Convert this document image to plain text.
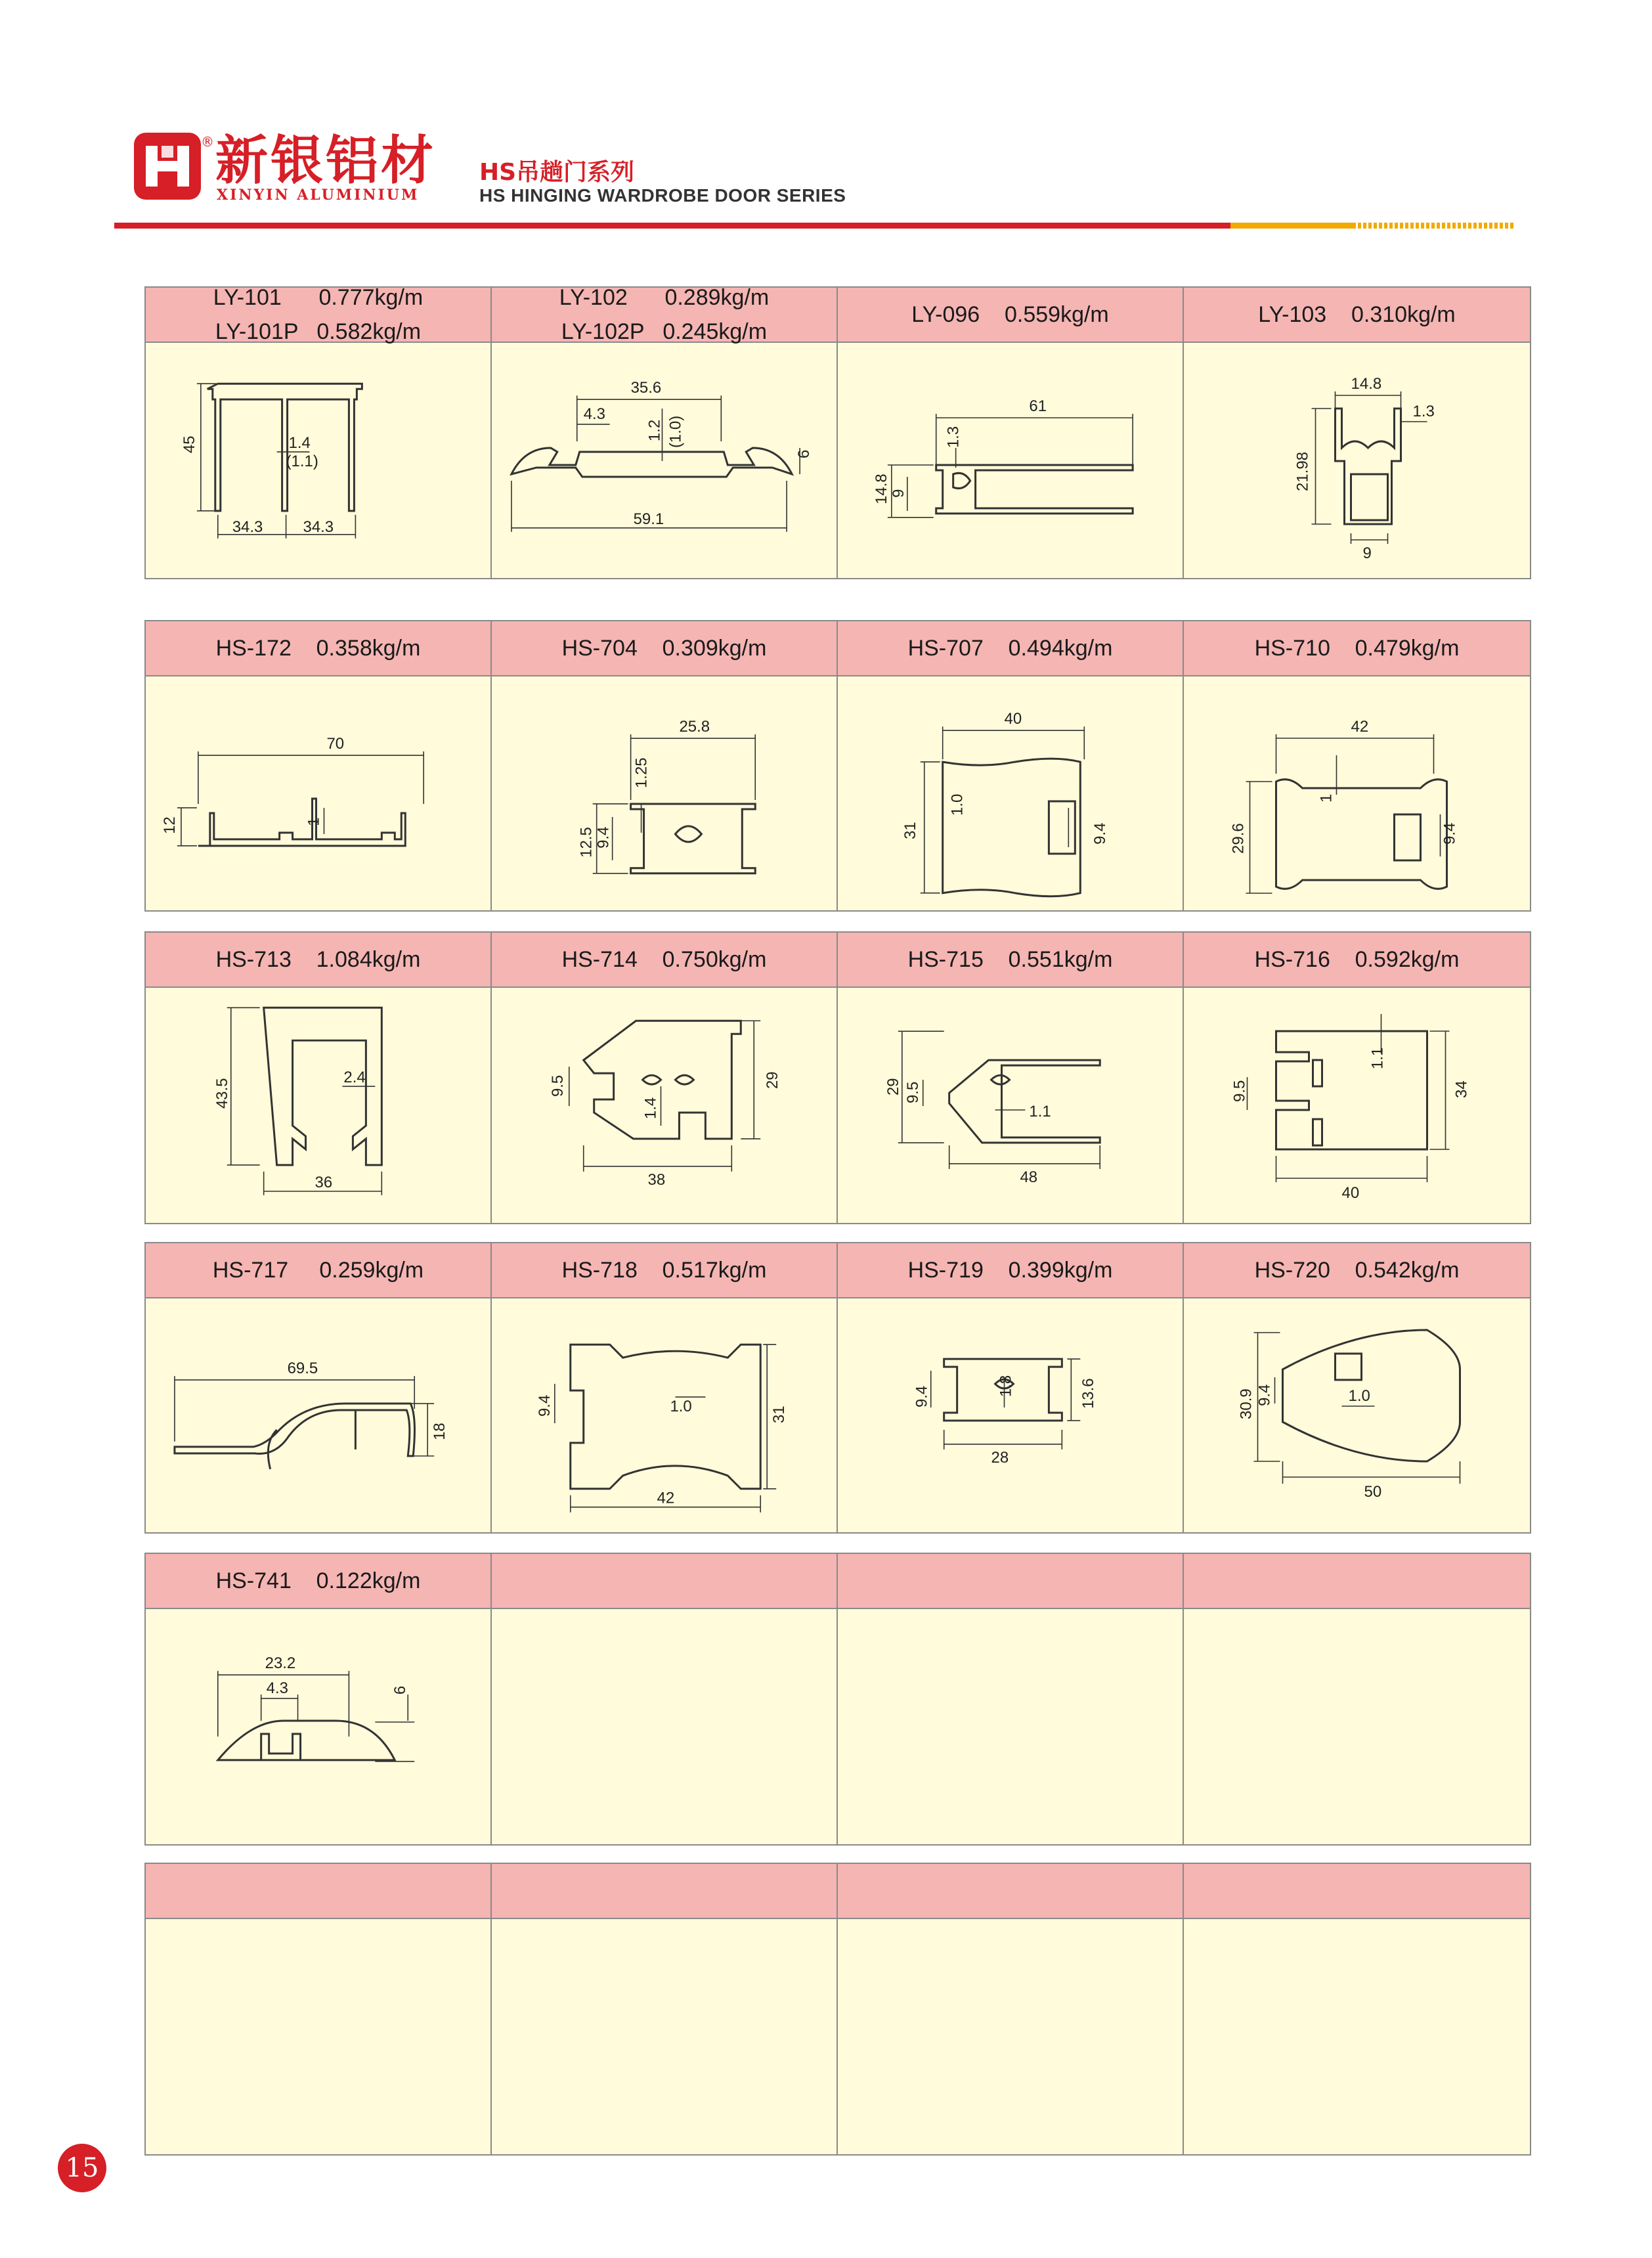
® 新银铝材
XINYIN ALUMINIUM
HS吊趟门系列
HS HINGING WARDROBE DOOR SERIES
LY-101      0.777kg/m
LY-101P   0.582kg/m
LY-102      0.289kg/m
LY-102P   0.245kg/m
LY-096    0.559kg/m	LY-103    0.310kg/m
45	1.4
(1.1)
34.3	34.3
35.6
4.3
1.2 (1.0)
6
59.1
61
1.3
14.8
9
14.8
1.3
21.98
9
HS-172    0.358kg/m	HS-704    0.309kg/m	HS-707    0.494kg/m	HS-710    0.479kg/m
70
12	1
25.8
1.25
12.5
9.4
40
1.0
31	9.4
42
1
29.6	9.4
HS-713    1.084kg/m	HS-714    0.750kg/m	HS-715    0.551kg/m	HS-716    0.592kg/m
43.5
2.4
36
9.5	29
1.4
38
29 9.5
1.1
48
1.1
9.5	34
40
HS-717     0.259kg/m	HS-718    0.517kg/m	HS-719    0.399kg/m	HS-720    0.542kg/m
69.5
18
9.4	1.0	31
42
9.4	1.8	13.6
28
30.9 9.4	1.0
50
HS-741    0.122kg/m
23.2
4.3	6
15
